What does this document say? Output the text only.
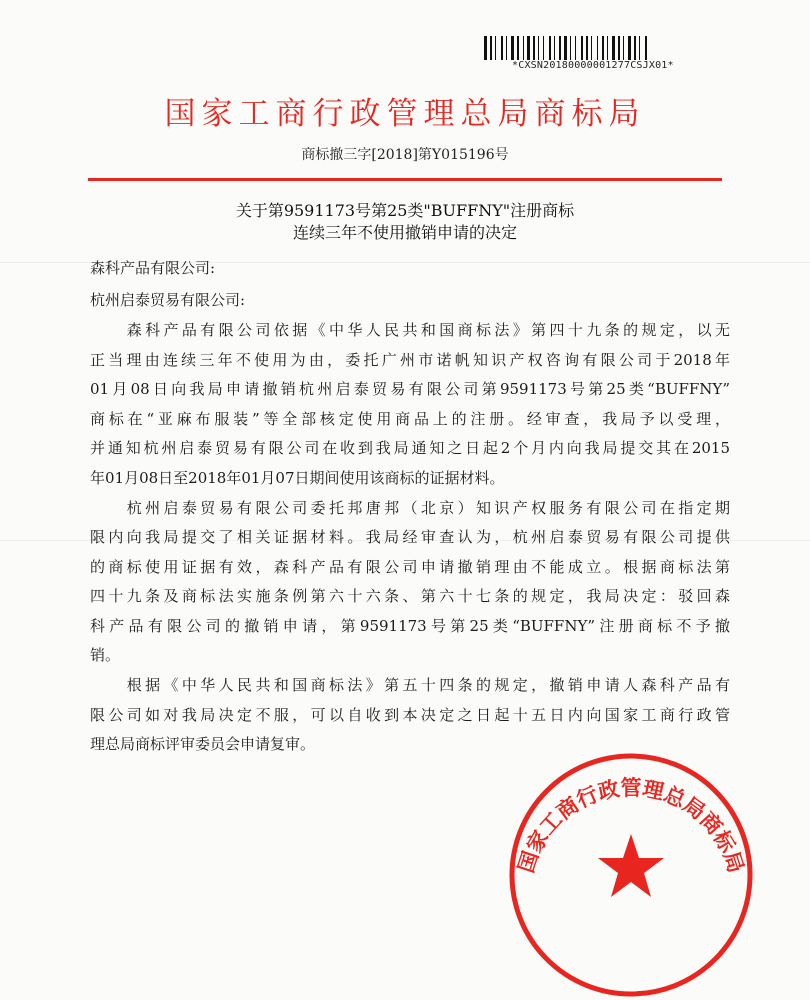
*CXSN20180000001277CSJX01*
国家工商行政管理总局商标局
商标撤三字[2018]第Y015196号
关于第9591173号第25类"BUFFNY"注册商标
连续三年不使用撤销申请的决定
森科产品有限公司:
杭州启泰贸易有限公司:
　　森科产品有限公司依据《中华人民共和国商标法》第四十九条的规定，以无
正当理由连续三年不使用为由，委托广州市诺帆知识产权咨询有限公司于2018年
01月08日向我局申请撤销杭州启泰贸易有限公司第9591173号第25类“BUFFNY”
商标在“亚麻布服装”等全部核定使用商品上的注册。经审查，我局予以受理，
并通知杭州启泰贸易有限公司在收到我局通知之日起2个月内向我局提交其在2015
年01月08日至2018年01月07日期间使用该商标的证据材料。
　　杭州启泰贸易有限公司委托邦唐邦（北京）知识产权服务有限公司在指定期
限内向我局提交了相关证据材料。我局经审查认为，杭州启泰贸易有限公司提供
的商标使用证据有效，森科产品有限公司申请撤销理由不能成立。根据商标法第
四十九条及商标法实施条例第六十六条、第六十七条的规定，我局决定：驳回森
科产品有限公司的撤销申请，第9591173号第25类“BUFFNY”注册商标不予撤
销。
　　根据《中华人民共和国商标法》第五十四条的规定，撤销申请人森科产品有
限公司如对我局决定不服，可以自收到本决定之日起十五日内向国家工商行政管
理总局商标评审委员会申请复审。
国家工商行政管理总局商标局
